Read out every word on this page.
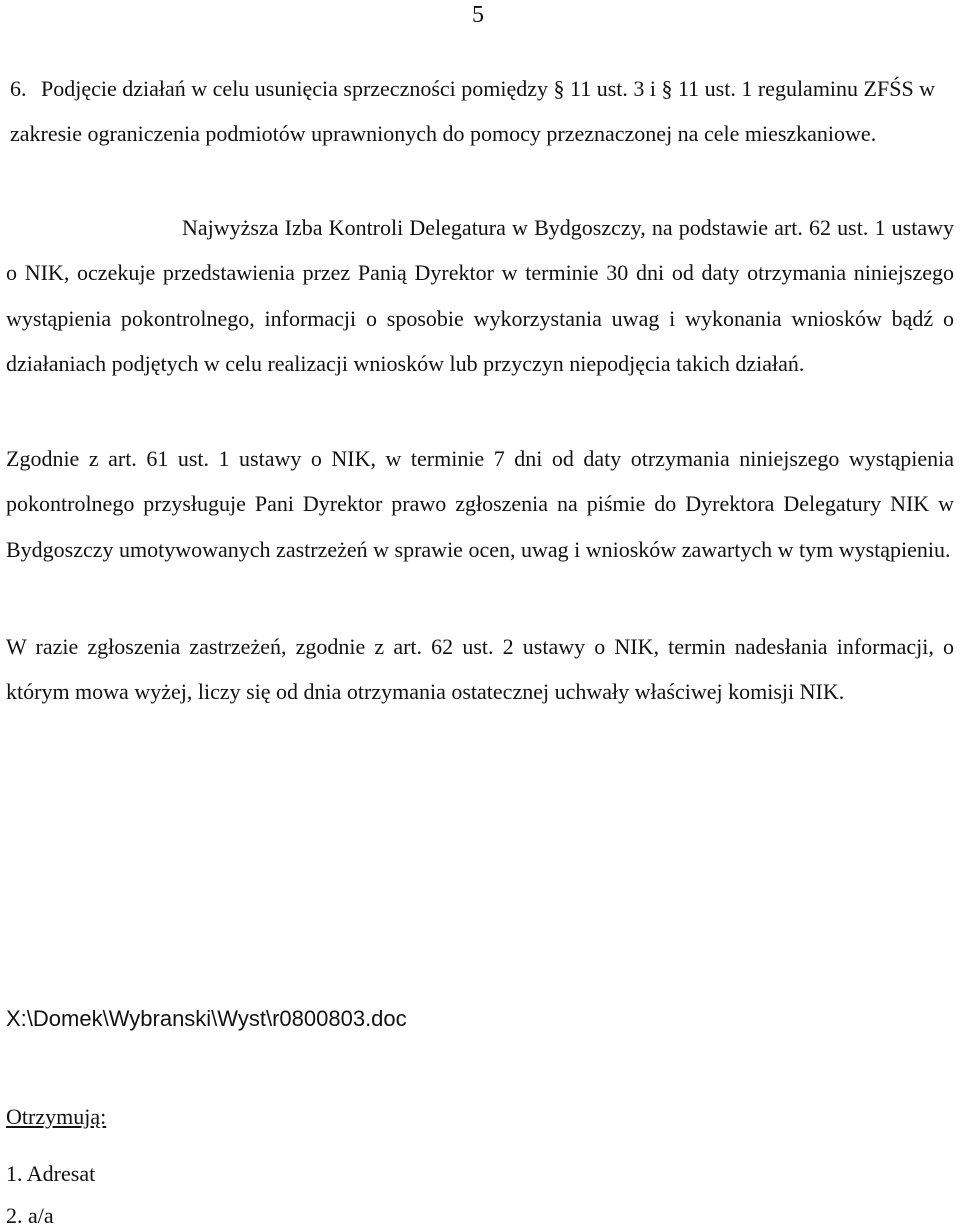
5
6. Podjęcie działań w celu usunięcia sprzeczności pomiędzy § 11 ust. 3 i § 11 ust. 1 regulaminu ZFŚS w zakresie ograniczenia podmiotów uprawnionych do pomocy przeznaczonej na cele mieszkaniowe.
Najwyższa Izba Kontroli Delegatura w Bydgoszczy, na podstawie art. 62 ust. 1 ustawy o NIK, oczekuje przedstawienia przez Panią Dyrektor w terminie 30 dni od daty otrzymania niniejszego wystąpienia pokontrolnego, informacji o sposobie wykorzystania uwag i wykonania wniosków bądź o działaniach podjętych w celu realizacji wniosków lub przyczyn niepodjęcia takich działań.
Zgodnie z art. 61 ust. 1 ustawy o NIK, w terminie 7 dni od daty otrzymania niniejszego wystąpienia pokontrolnego przysługuje Pani Dyrektor prawo zgłoszenia na piśmie do Dyrektora Delegatury NIK w Bydgoszczy umotywowanych zastrzeżeń w sprawie ocen, uwag i wniosków zawartych w tym wystąpieniu.
W razie zgłoszenia zastrzeżeń, zgodnie z art. 62 ust. 2 ustawy o NIK, termin nadesłania informacji, o którym mowa wyżej, liczy się od dnia otrzymania ostatecznej uchwały właściwej komisji NIK.
X:\Domek\Wybranski\Wyst\r0800803.doc
Otrzymują:
1. Adresat
2. a/a
